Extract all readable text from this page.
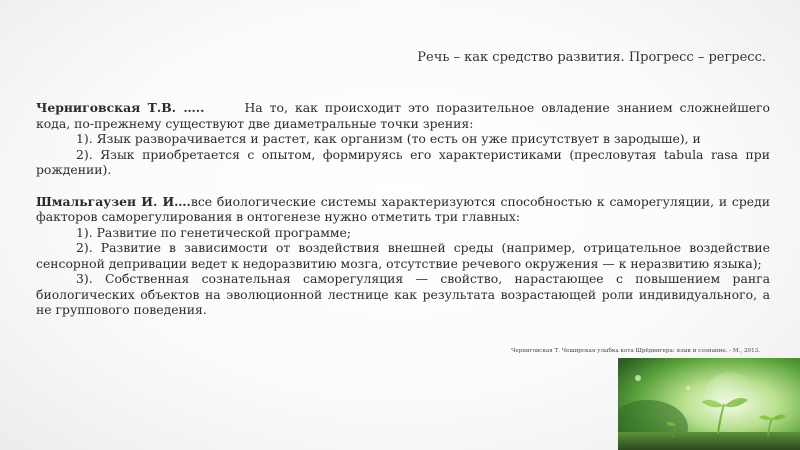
Речь – как средство развития. Прогресс – регресс.

Черниговская Т.В. …..	На то, как происходит это поразительное овладение знанием сложнейшего кода, по-прежнему существуют две диаметральные точки зрения:

1). Язык разворачивается и растет, как организм (то есть он уже присутствует в зародыше), и

2). Язык приобретается с опытом, формируясь его характеристиками (пресловутая tabula rasa при рождении).

Шмальгаузен И. И….все биологические системы характеризуются способностью к саморегуляции, и среди факторов саморегулирования в онтогенезе нужно отметить три главных:

1). Развитие по генетической программе;

2). Развитие в зависимости от воздействия внешней среды (например, отрицательное воздействие сенсорной депривации ведет к недоразвитию мозга, отсутствие речевого окружения — к неразвитию языка);

3). Собственная сознательная саморегуляция — свойство, нарастающее с повышением ранга биологических объектов на эволюционной лестнице как результата возрастающей роли индивидуального, а не группового поведения.

Черниговская Т. Чеширская улыбка кота Шрёдингера: язык и сознание. - М., 2013.
